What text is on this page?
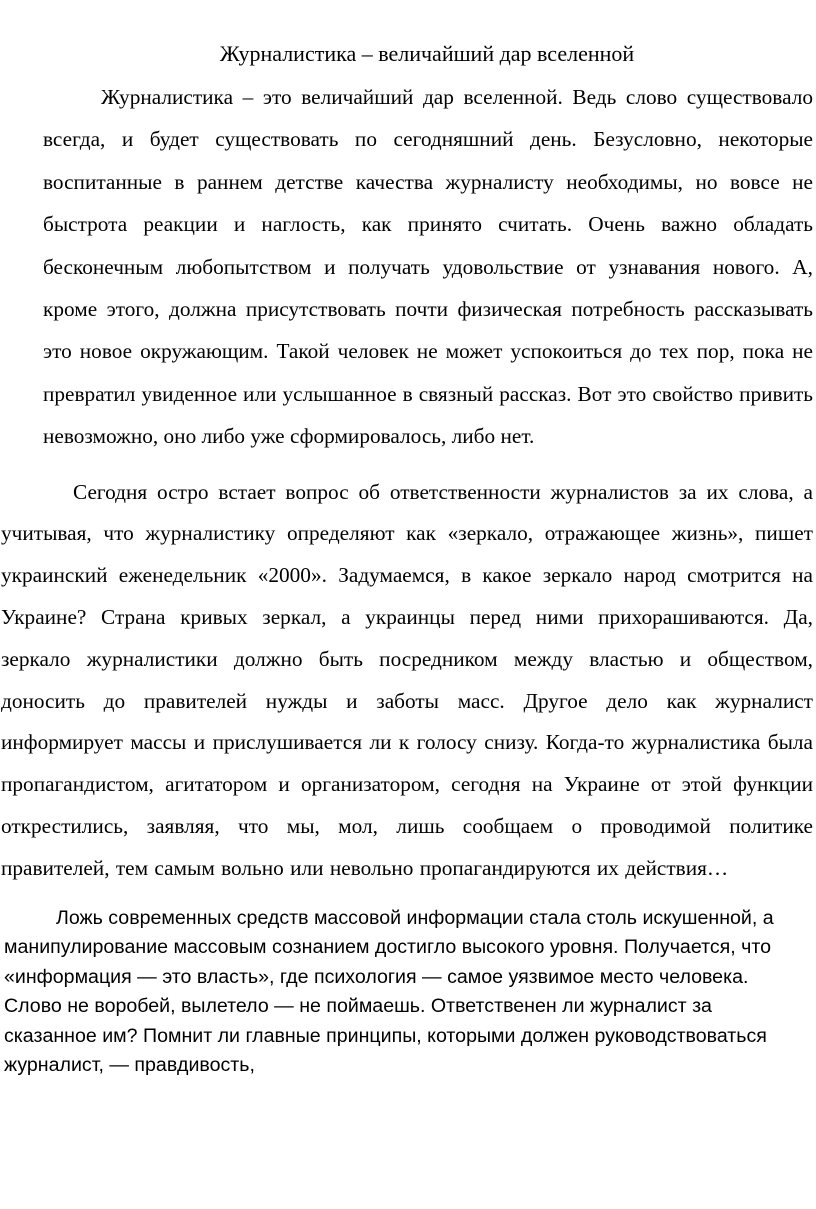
Журналистика – величайший дар вселенной

Журналистика – это величайший дар вселенной. Ведь слово существовало всегда, и будет существовать по сегодняшний день. Безусловно, некоторые воспитанные в раннем детстве качества журналисту необходимы, но вовсе не быстрота реакции и наглость, как принято считать. Очень важно обладать бесконечным любопытством и получать удовольствие от узнавания нового. А, кроме этого, должна присутствовать почти физическая потребность рассказывать это новое окружающим. Такой человек не может успокоиться до тех пор, пока не превратил увиденное или услышанное в связный рассказ. Вот это свойство привить невозможно, оно либо уже сформировалось, либо нет.

Сегодня остро встает вопрос об ответственности журналистов за их слова, а учитывая, что журналистику определяют как «зеркало, отражающее жизнь», пишет украинский еженедельник «2000». Задумаемся, в какое зеркало народ смотрится на Украине? Страна кривых зеркал, а украинцы перед ними прихорашиваются. Да, зеркало журналистики должно быть посредником между властью и обществом, доносить до правителей нужды и заботы масс. Другое дело как журналист информирует массы и прислушивается ли к голосу снизу. Когда-то журналистика была пропагандистом, агитатором и организатором, сегодня на Украине от этой функции открестились, заявляя, что мы, мол, лишь сообщаем о проводимой политике правителей, тем самым вольно или невольно пропагандируются их действия…

Ложь современных средств массовой информации стала столь искушенной, а манипулирование массовым сознанием достигло высокого уровня. Получается, что «информация — это власть», где психология — самое уязвимое место человека. Слово не воробей, вылетело — не поймаешь. Ответственен ли журналист за сказанное им? Помнит ли главные принципы, которыми должен руководствоваться журналист, — правдивость,
